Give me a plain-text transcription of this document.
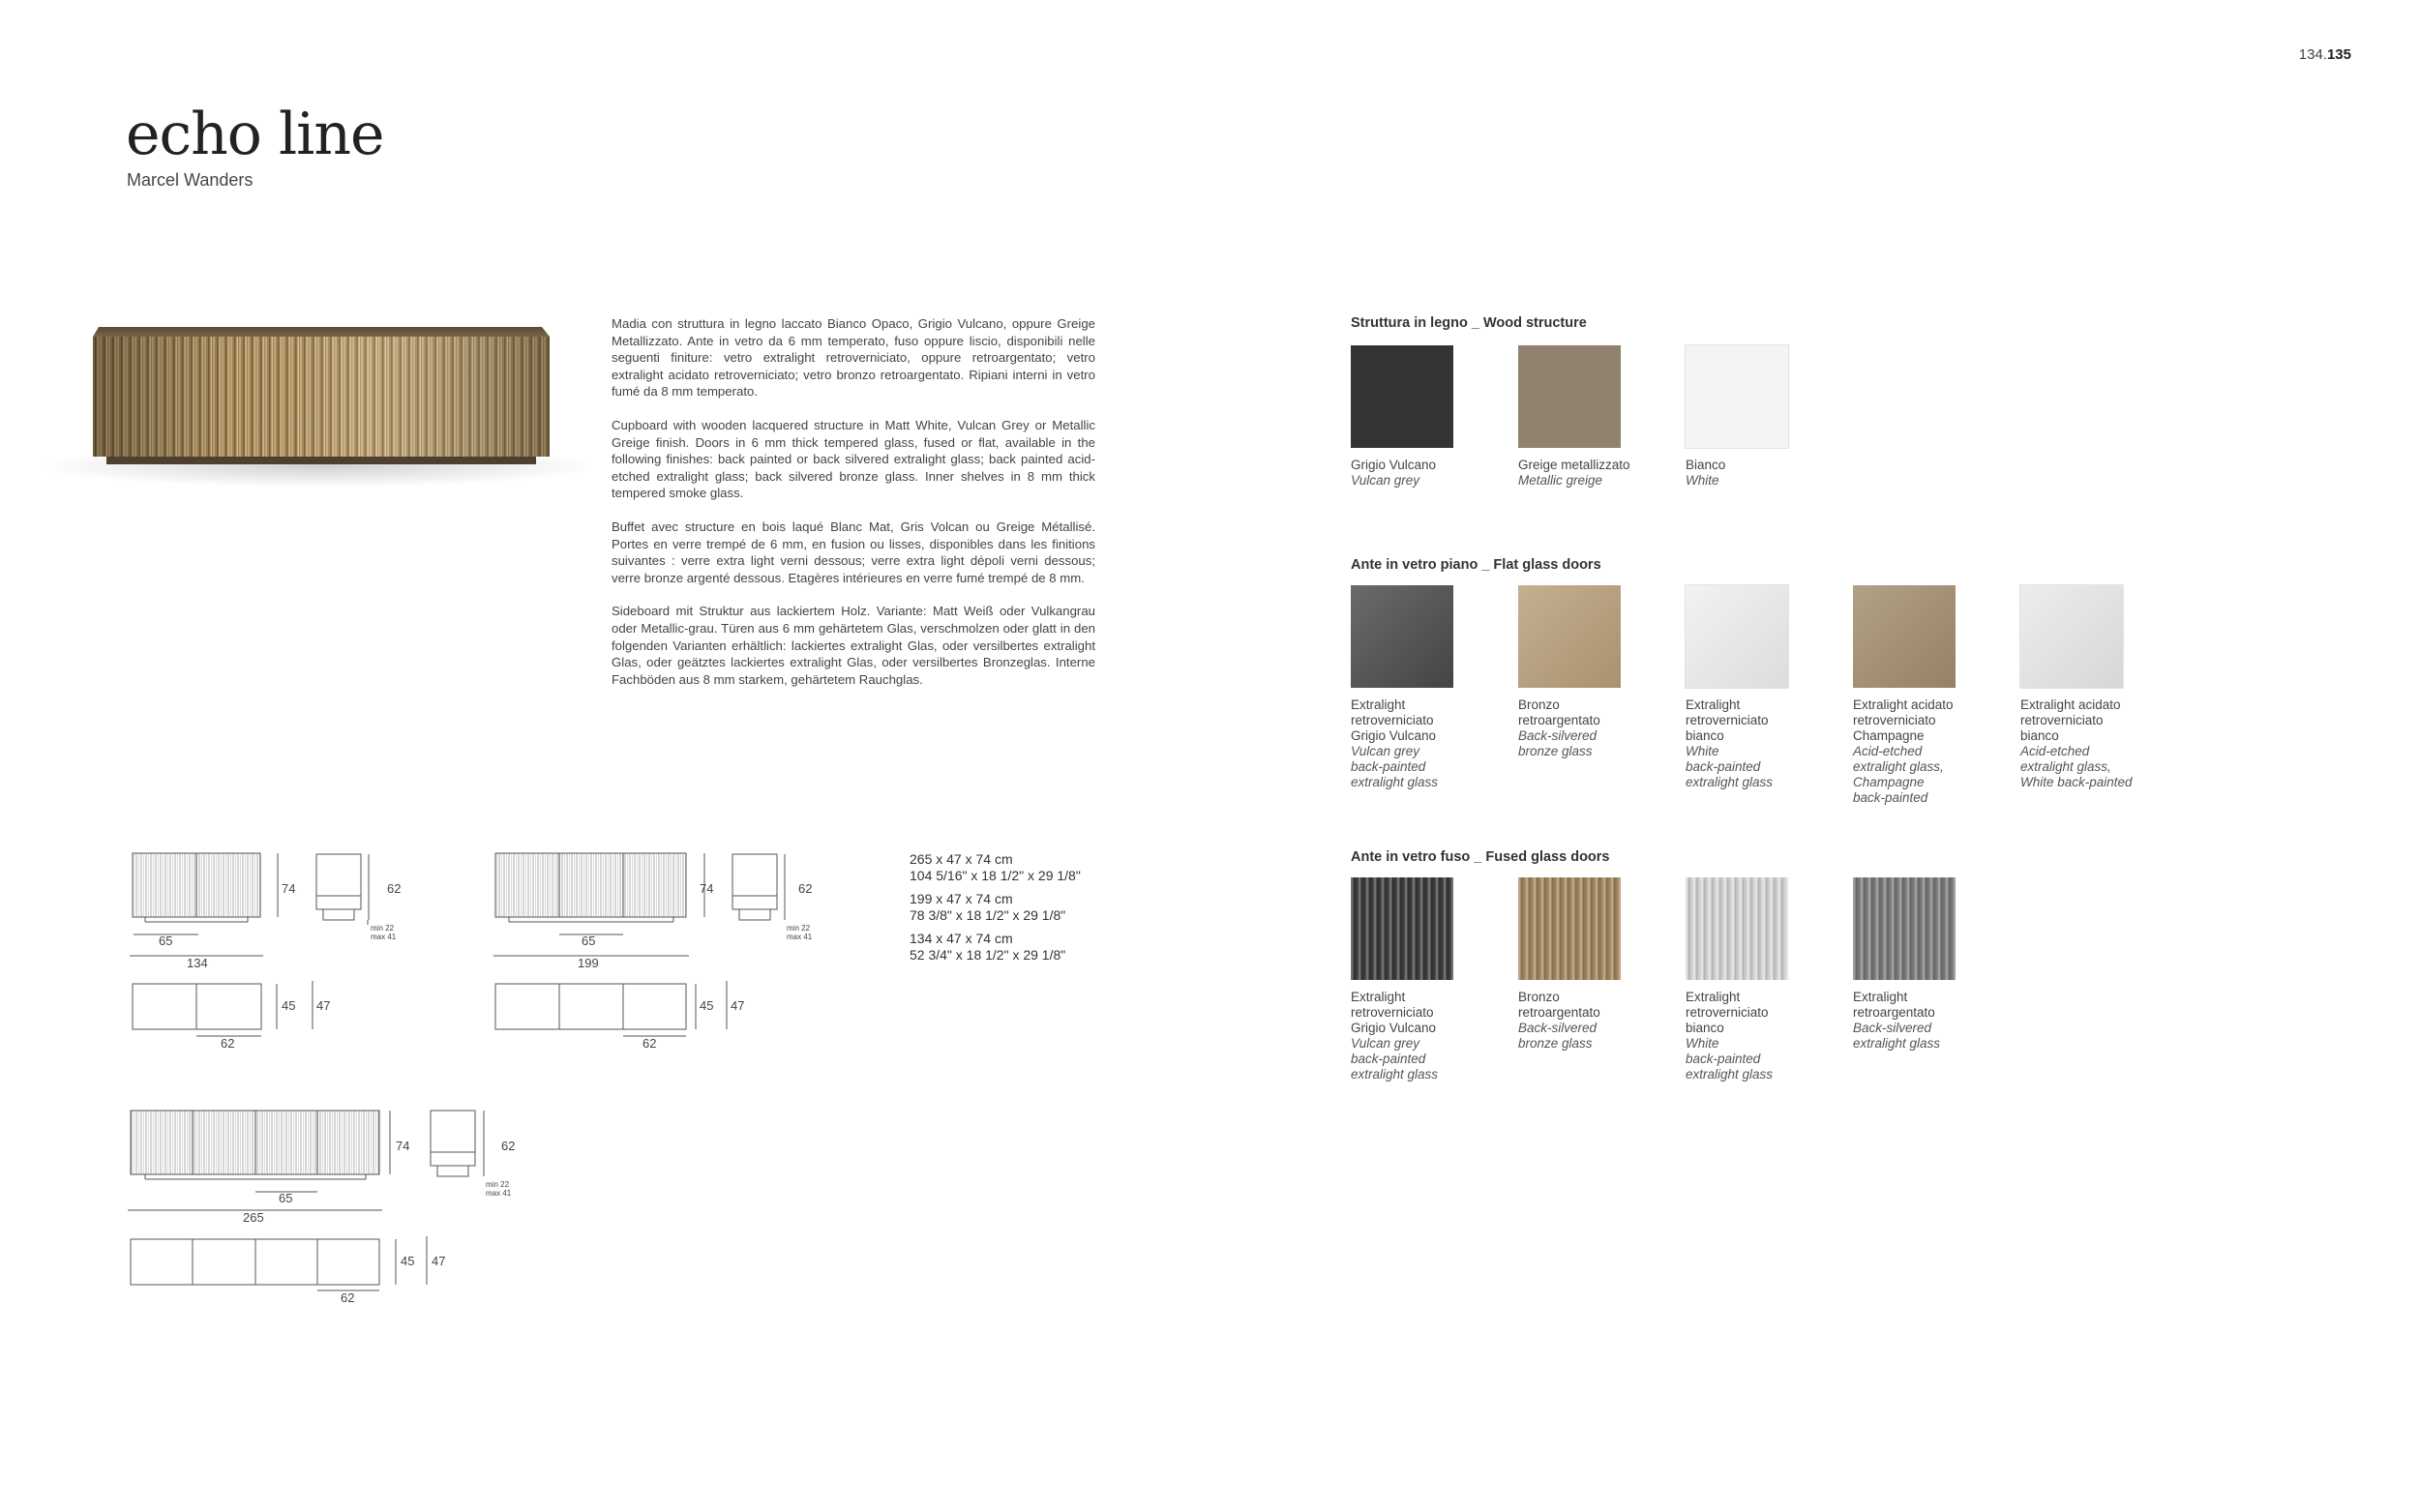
134.135
echo line
Marcel Wanders

Madia con struttura in legno laccato Bianco Opaco, Grigio Vulcano, oppure Greige Metallizzato. Ante in vetro da 6 mm temperato, fuso oppure liscio, disponibili nelle seguenti finiture: vetro extralight retroverniciato, oppure retroargentato; vetro extralight acidato retroverniciato; vetro bronzo retroargentato. Ripiani interni in vetro fumé da 8 mm temperato.

Cupboard with wooden lacquered structure in Matt White, Vulcan Grey or Metallic Greige finish. Doors in 6 mm thick tempered glass, fused or flat, available in the following finishes: back painted or back silvered extralight glass; back painted acid-etched extralight glass; back silvered bronze glass. Inner shelves in 8 mm thick tempered smoke glass.

Buffet avec structure en bois laqué Blanc Mat, Gris Volcan ou Greige Métallisé. Portes en verre trempé de 6 mm, en fusion ou lisses, disponibles dans les finitions suivantes : verre extra light verni dessous; verre extra light dépoli verni dessous; verre bronze argenté dessous. Etagères intérieures en verre fumé trempé de 8 mm.

Sideboard mit Struktur aus lackiertem Holz. Variante: Matt Weiß oder Vulkangrau oder Metallic-grau. Türen aus 6 mm gehärtetem Glas, verschmolzen oder glatt in den folgenden Varianten erhältlich: lackiertes extralight Glas, oder versilbertes extralight Glas, oder geätztes lackiertes extralight Glas, oder versilbertes Bronzeglas. Interne Fachböden aus 8 mm starkem, gehärtetem Rauchglas.

74
65
134
62
min 22
max 41
45 47
62
74
65
199
62
min 22
max 41
45 47
62
74
65
265
62
min 22
max 41
45 47
62
265 x 47 x 74 cm
104 5/16" x 18 1/2" x 29 1/8"
199 x 47 x 74 cm
78 3/8" x 18 1/2" x 29 1/8"
134 x 47 x 74 cm
52 3/4" x 18 1/2" x 29 1/8"
Struttura in legno _ Wood structure
Grigio Vulcano
Vulcan grey
Greige metallizzato
Metallic greige
Bianco
White
Ante in vetro piano _ Flat glass doors
Extralight
retroverniciato
Grigio Vulcano
Vulcan grey
back-painted
extralight glass
Bronzo
retroargentato
Back-silvered
bronze glass
Extralight
retroverniciato
bianco
White
back-painted
extralight glass
Extralight acidato
retroverniciato
Champagne
Acid-etched
extralight glass,
Champagne
back-painted
Extralight acidato
retroverniciato
bianco
Acid-etched
extralight glass,
White back-painted
Ante in vetro fuso _ Fused glass doors
Extralight
retroverniciato
Grigio Vulcano
Vulcan grey
back-painted
extralight glass
Bronzo
retroargentato
Back-silvered
bronze glass
Extralight
retroverniciato
bianco
White
back-painted
extralight glass
Extralight
retroargentato
Back-silvered
extralight glass
